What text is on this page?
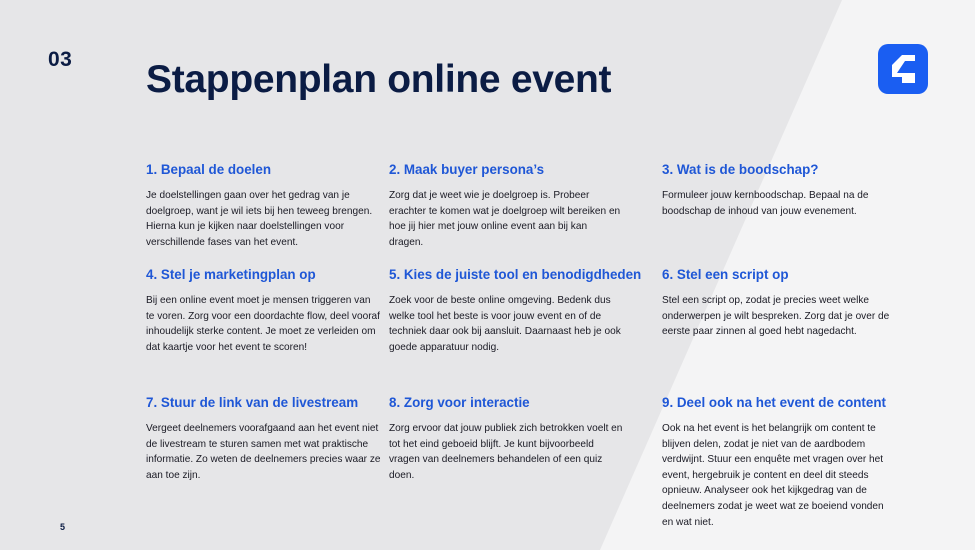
03 Stappenplan online event
1. Bepaal de doelen

Je doelstellingen gaan over het gedrag van je doelgroep, want je wil iets bij hen teweeg brengen. Hierna kun je kijken naar doelstellingen voor verschillende fases van het event.

2. Maak buyer persona’s

Zorg dat je weet wie je doelgroep is. Probeer erachter te komen wat je doelgroep wilt bereiken en hoe jij hier met jouw online event aan bij kan dragen.

3. Wat is de boodschap?

Formuleer jouw kernboodschap. Bepaal na de boodschap de inhoud van jouw evenement.

4. Stel je marketingplan op

Bij een online event moet je mensen triggeren van te voren. Zorg voor een doordachte flow, deel vooraf inhoudelijk sterke content. Je moet ze verleiden om dat kaartje voor het event te scoren!

5. Kies de juiste tool en benodigdheden

Zoek voor de beste online omgeving. Bedenk dus welke tool het beste is voor jouw event en of de techniek daar ook bij aansluit. Daarnaast heb je ook goede apparatuur nodig.

6. Stel een script op

Stel een script op, zodat je precies weet welke onderwerpen je wilt bespreken. Zorg dat je over de eerste paar zinnen al goed hebt nagedacht.

7. Stuur de link van de livestream

Vergeet deelnemers voorafgaand aan het event niet de livestream te sturen samen met wat praktische informatie. Zo weten de deelnemers precies waar ze aan toe zijn.

8. Zorg voor interactie

Zorg ervoor dat jouw publiek zich betrokken voelt en tot het eind geboeid blijft. Je kunt bijvoorbeeld vragen van deelnemers behandelen of een quiz doen.

9. Deel ook na het event de content

Ook na het event is het belangrijk om content te blijven delen, zodat je niet van de aardbodem verdwijnt. Stuur een enquête met vragen over het event, hergebruik je content en deel dit steeds opnieuw. Analyseer ook het kijkgedrag van de deelnemers zodat je weet wat ze boeiend vonden en wat niet.

5
